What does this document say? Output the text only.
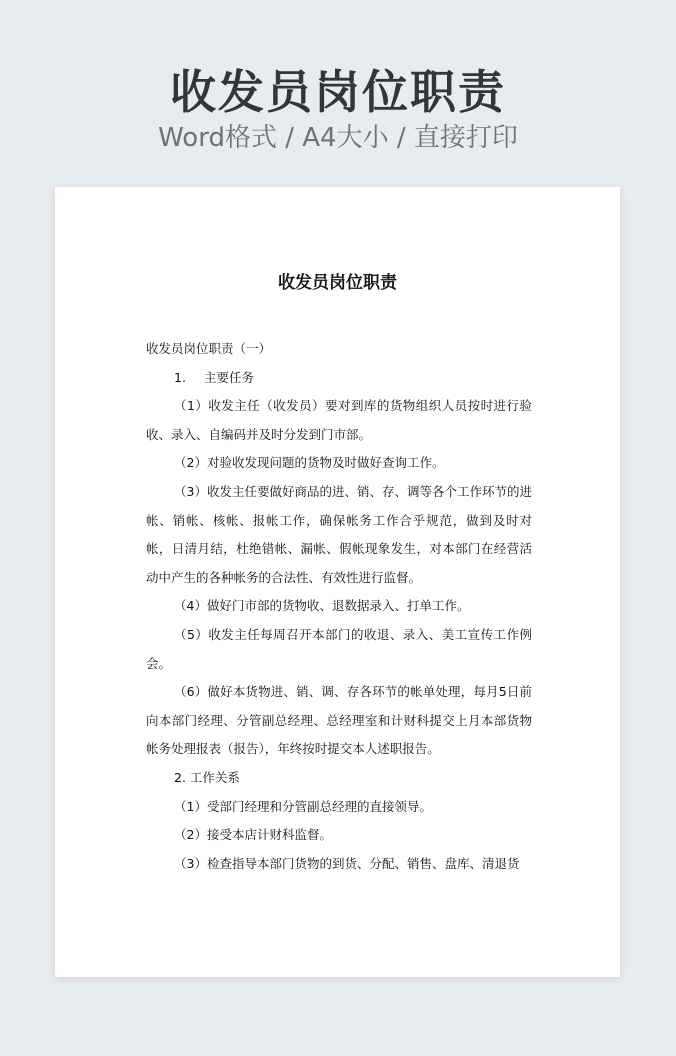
收发员岗位职责
Word格式 / A4大小 / 直接打印
收发员岗位职责

收发员岗位职责（一）

1. 主要任务

（1）收发主任（收发员）要对到库的货物组织人员按时进行验收、录入、自编码并及时分发到门市部。

（2）对验收发现问题的货物及时做好查询工作。

（3）收发主任要做好商品的进、销、存、调等各个工作环节的进帐、销帐、核帐、报帐工作，确保帐务工作合乎规范，做到及时对帐，日清月结，杜绝错帐、漏帐、假帐现象发生，对本部门在经营活动中产生的各种帐务的合法性、有效性进行监督。

（4）做好门市部的货物收、退数据录入、打单工作。

（5）收发主任每周召开本部门的收退、录入、美工宣传工作例会。

（6）做好本货物进、销、调、存各环节的帐单处理，每月5日前向本部门经理、分管副总经理、总经理室和计财科提交上月本部货物帐务处理报表（报告），年终按时提交本人述职报告。

2. 工作关系

（1）受部门经理和分管副总经理的直接领导。

（2）接受本店计财科监督。

（3）检查指导本部门货物的到货、分配、销售、盘库、清退货
